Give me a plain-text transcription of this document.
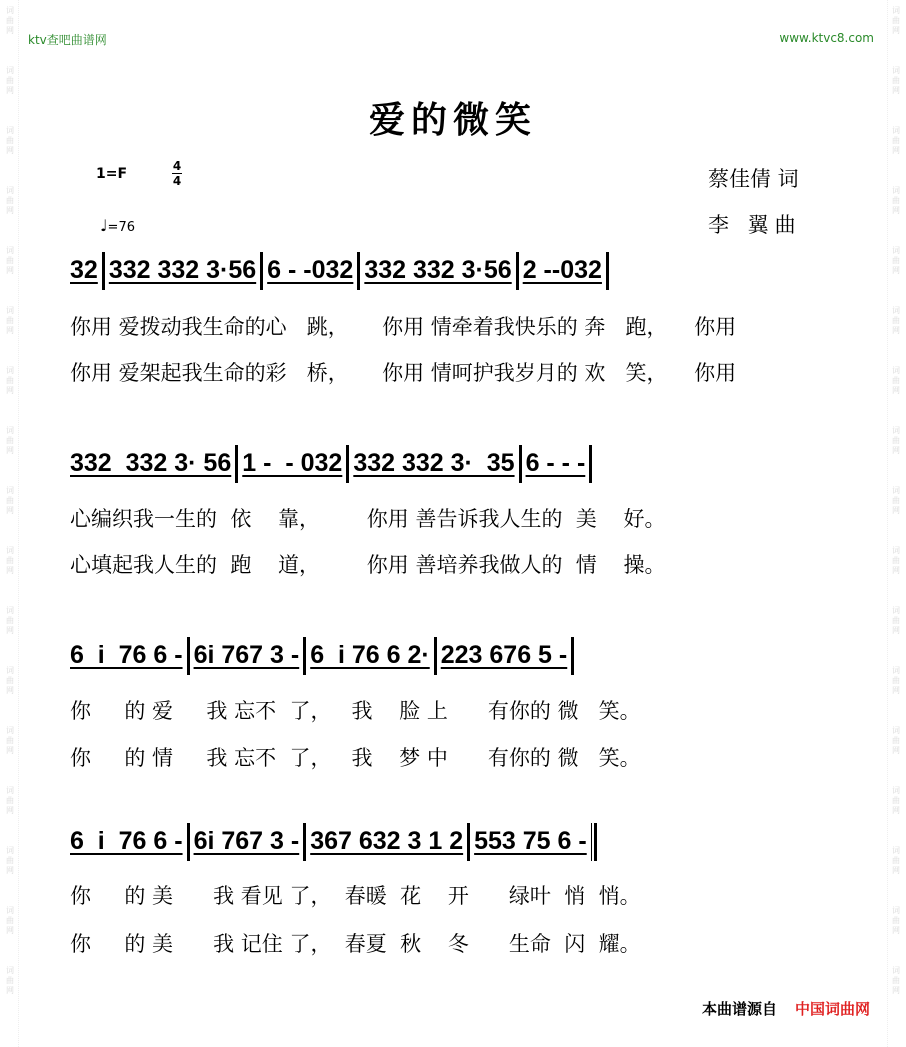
词
曲
网
词
曲
网
词
曲
网
词
曲
网
词
曲
网
词
曲
网
词
曲
网
词
曲
网
词
曲
网
词
曲
网
词
曲
网
词
曲
网
词
曲
网
词
曲
网
词
曲
网
词
曲
网
词
曲
网
词
曲
网
词
曲
网
词
曲
网
词
曲
网
词
曲
网
词
曲
网
词
曲
网
词
曲
网
词
曲
网
词
曲
网
词
曲
网
词
曲
网
词
曲
网
词
曲
网
词
曲
网
词
曲
网
词
曲
网
ktv查吧曲谱网	www.ktvc8.com
爱的微笑
1=F	4
4
♩=76
蔡佳倩 词
李 翼曲
32 332 332 3·56 6 - -032 332 332 3·56 2 --032
你用 爱拨动我生命的心   跳，     你用 情牵着我快乐的 奔   跑，    你用
你用 爱架起我生命的彩   桥，     你用 情呵护我岁月的 欢   笑，    你用
332  332 3· 56 1 -  - 032 332 332 3·  35 6 - - -
心编织我一生的  依    靠，       你用 善告诉我人生的  美    好。
心填起我人生的  跑    道，       你用 善培养我做人的  情    操。
6  i  76 6 - 6i 767 3 - 6  i 76 6 2· 223 676 5 -
你     的 爱     我 忘不  了，   我    脸 上      有你的 微   笑。
你     的 情     我 忘不  了，   我    梦 中      有你的 微   笑。
6  i  76 6 - 6i 767 3 - 367 632 3 1 2 553 75 6 -
你     的 美      我 看见 了，  春暖  花    开      绿叶  悄  悄。
你     的 美      我 记住 了，  春夏  秋    冬      生命  闪  耀。
本曲谱源自 中国词曲网
